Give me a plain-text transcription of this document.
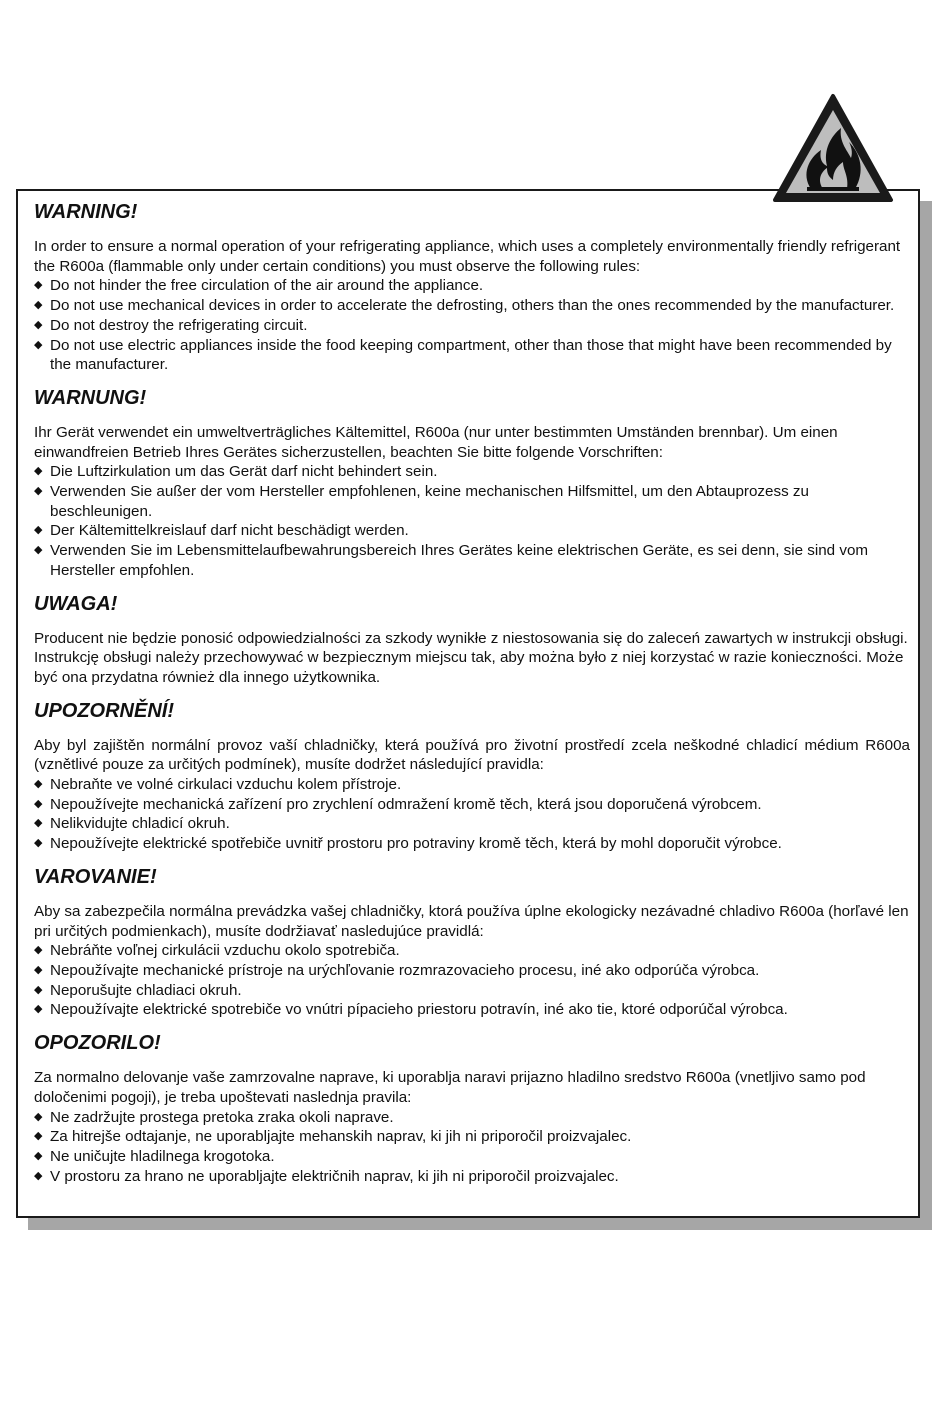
WARNING!

In order to ensure a normal operation of your refrigerating appliance, which uses a completely environmentally friendly refrigerant the R600a (flammable only under certain conditions) you must observe the following rules:

◆ Do not hinder the free circulation of the air around the appliance.
◆ Do not use mechanical devices in order to accelerate the defrosting, others than the ones recommended by the manufacturer.
◆ Do not destroy the refrigerating circuit.
◆ Do not use electric appliances inside the food keeping compartment, other than those that might have been recommended by the manufacturer.
WARNUNG!

Ihr Gerät verwendet ein umweltverträgliches Kältemittel, R600a (nur unter bestimmten Umständen brennbar). Um einen einwandfreien Betrieb Ihres Gerätes sicherzustellen, beachten Sie bitte folgende Vorschriften:

◆ Die Luftzirkulation um das Gerät darf nicht behindert sein.
◆ Verwenden Sie außer der vom Hersteller empfohlenen, keine mechanischen Hilfsmittel, um den Abtauprozess zu beschleunigen.
◆ Der Kältemittelkreislauf darf nicht beschädigt werden.
◆ Verwenden Sie im Lebensmittelaufbewahrungsbereich Ihres Gerätes keine elektrischen Geräte, es sei denn, sie sind vom Hersteller empfohlen.
UWAGA!

Producent nie będzie ponosić odpowiedzialności za szkody wynikłe z niestosowania się do zaleceń zawartych w instrukcji obsługi. Instrukcję obsługi należy przechowywać w bezpiecznym miejscu tak, aby można było z niej korzystać w razie konieczności. Może być ona przydatna również dla innego użytkownika.

UPOZORNĚNÍ!

Aby byl zajištěn normální provoz vaší chladničky, která používá pro životní prostředí zcela neškodné chladicí médium R600a (vznětlivé pouze za určitých podmínek), musíte dodržet následující pravidla:

◆ Nebraňte ve volné cirkulaci vzduchu kolem přístroje.
◆ Nepoužívejte mechanická zařízení pro zrychlení odmražení kromě těch, která jsou doporučená výrobcem.
◆ Nelikvidujte chladicí okruh.
◆ Nepoužívejte elektrické spotřebiče uvnitř prostoru pro potraviny kromě těch, která by mohl doporučit výrobce.
VAROVANIE!

Aby sa zabezpečila normálna prevádzka vašej chladničky, ktorá používa úplne ekologicky nezávadné chladivo R600a (horľavé len pri určitých podmienkach), musíte dodržiavať nasledujúce pravidlá:

◆ Nebráňte voľnej cirkulácii vzduchu okolo spotrebiča.
◆ Nepoužívajte mechanické prístroje na urýchľovanie rozmrazovacieho procesu, iné ako odporúča výrobca.
◆ Neporušujte chladiaci okruh.
◆ Nepoužívajte elektrické spotrebiče vo vnútri pípacieho priestoru potravín, iné ako tie, ktoré odporúčal výrobca.
OPOZORILO!

Za normalno delovanje vaše zamrzovalne naprave, ki uporablja naravi prijazno hladilno sredstvo R600a (vnetljivo samo pod določenimi pogoji), je treba upoštevati naslednja pravila:

◆ Ne zadržujte prostega pretoka zraka okoli naprave.
◆ Za hitrejše odtajanje, ne uporabljajte mehanskih naprav, ki jih ni priporočil proizvajalec.
◆ Ne uničujte hladilnega krogotoka.
◆ V prostoru za hrano ne uporabljajte električnih naprav, ki jih ni priporočil proizvajalec.
